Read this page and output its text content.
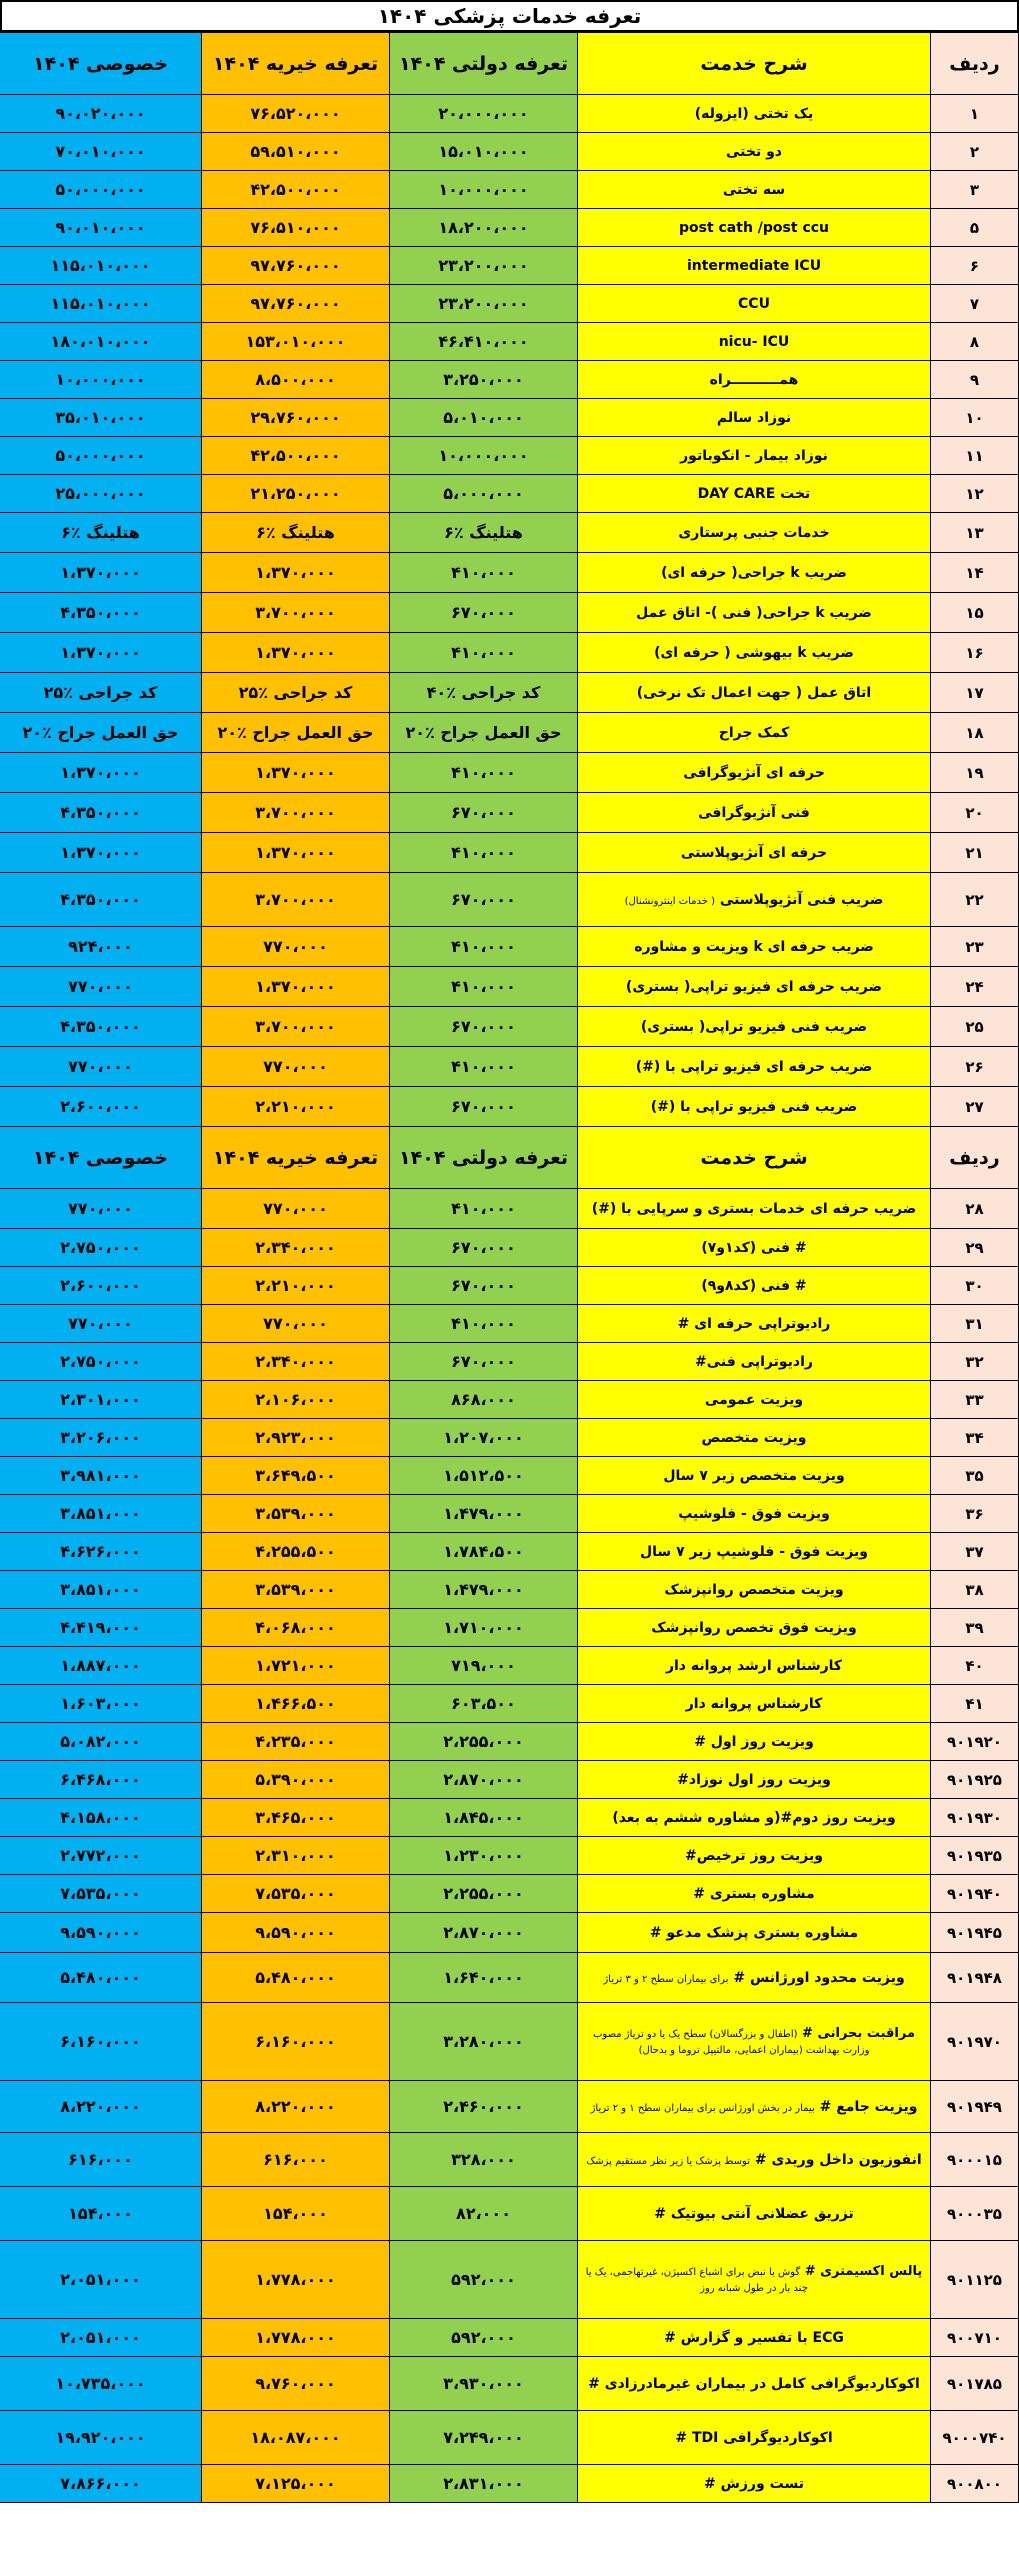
تعرفه خدمات پزشکی ۱۴۰۴
ردیف	شرح خدمت	تعرفه دولتی ۱۴۰۴	تعرفه خیریه ۱۴۰۴	خصوصی ۱۴۰۴
۱	یک تختی (ایزوله)	۲۰،۰۰۰،۰۰۰	۷۶،۵۲۰،۰۰۰	۹۰،۰۲۰،۰۰۰
۲	دو تختی	۱۵،۰۱۰،۰۰۰	۵۹،۵۱۰،۰۰۰	۷۰،۰۱۰،۰۰۰
۳	سه تختی	۱۰،۰۰۰،۰۰۰	۴۲،۵۰۰،۰۰۰	۵۰،۰۰۰،۰۰۰
۵	post cath /post ccu	۱۸،۲۰۰،۰۰۰	۷۶،۵۱۰،۰۰۰	۹۰،۰۱۰،۰۰۰
۶	intermediate ICU	۲۳،۲۰۰،۰۰۰	۹۷،۷۶۰،۰۰۰	۱۱۵،۰۱۰،۰۰۰
۷	CCU	۲۳،۲۰۰،۰۰۰	۹۷،۷۶۰،۰۰۰	۱۱۵،۰۱۰،۰۰۰
۸	nicu- ICU	۴۶،۴۱۰،۰۰۰	۱۵۳،۰۱۰،۰۰۰	۱۸۰،۰۱۰،۰۰۰
۹	همــــــــــراه	۳،۲۵۰،۰۰۰	۸،۵۰۰،۰۰۰	۱۰،۰۰۰،۰۰۰
۱۰	نوزاد سالم	۵،۰۱۰،۰۰۰	۲۹،۷۶۰،۰۰۰	۳۵،۰۱۰،۰۰۰
۱۱	نوزاد بیمار - انکوباتور	۱۰،۰۰۰،۰۰۰	۴۲،۵۰۰،۰۰۰	۵۰،۰۰۰،۰۰۰
۱۲	تخت DAY CARE	۵،۰۰۰،۰۰۰	۲۱،۲۵۰،۰۰۰	۲۵،۰۰۰،۰۰۰
۱۳	خدمات جنبی پرستاری	هتلینگ ٪۶	هتلینگ ٪۶	هتلینگ ٪۶
۱۴	ضریب k جراحی( حرفه ای)	۴۱۰،۰۰۰	۱،۳۷۰،۰۰۰	۱،۳۷۰،۰۰۰
۱۵	ضریب k جراحی( فنی )- اتاق عمل	۶۷۰،۰۰۰	۳،۷۰۰،۰۰۰	۴،۳۵۰،۰۰۰
۱۶	ضریب k بیهوشی ( حرفه ای)	۴۱۰،۰۰۰	۱،۳۷۰،۰۰۰	۱،۳۷۰،۰۰۰
۱۷	اتاق عمل ( جهت اعمال تک نرخی)	کد جراحی ٪۴۰	کد جراحی ٪۲۵	کد جراحی ٪۲۵
۱۸	کمک جراح	حق العمل جراح ٪۲۰	حق العمل جراح ٪۲۰	حق العمل جراح ٪۲۰
۱۹	حرفه ای آنژیوگرافی	۴۱۰،۰۰۰	۱،۳۷۰،۰۰۰	۱،۳۷۰،۰۰۰
۲۰	فنی آنژیوگرافی	۶۷۰،۰۰۰	۳،۷۰۰،۰۰۰	۴،۳۵۰،۰۰۰
۲۱	حرفه ای آنژیوپلاستی	۴۱۰،۰۰۰	۱،۳۷۰،۰۰۰	۱،۳۷۰،۰۰۰
۲۲	ضریب فنی آنژیوپلاستی ( خدمات اینترونشنال)	۶۷۰،۰۰۰	۳،۷۰۰،۰۰۰	۴،۳۵۰،۰۰۰
۲۳	ضریب حرفه ای k ویزیت و مشاوره	۴۱۰،۰۰۰	۷۷۰،۰۰۰	۹۲۴،۰۰۰
۲۴	ضریب حرفه ای فیزیو تراپی( بستری)	۴۱۰،۰۰۰	۱،۳۷۰،۰۰۰	۷۷۰،۰۰۰
۲۵	ضریب فنی فیزیو تراپی( بستری)	۶۷۰،۰۰۰	۳،۷۰۰،۰۰۰	۴،۳۵۰،۰۰۰
۲۶	ضریب حرفه ای فیزیو تراپی با (#)	۴۱۰،۰۰۰	۷۷۰،۰۰۰	۷۷۰،۰۰۰
۲۷	ضریب فنی فیزیو تراپی با (#)	۶۷۰،۰۰۰	۲،۲۱۰،۰۰۰	۲،۶۰۰،۰۰۰
ردیف	شرح خدمت	تعرفه دولتی ۱۴۰۴	تعرفه خیریه ۱۴۰۴	خصوصی ۱۴۰۴
۲۸	ضریب حرفه ای خدمات بستری و سرپایی با (#)	۴۱۰،۰۰۰	۷۷۰،۰۰۰	۷۷۰،۰۰۰
۲۹	# فنی (کد۱و۷)	۶۷۰،۰۰۰	۲،۳۴۰،۰۰۰	۲،۷۵۰،۰۰۰
۳۰	# فنی (کد۸و۹)	۶۷۰،۰۰۰	۲،۲۱۰،۰۰۰	۲،۶۰۰،۰۰۰
۳۱	رادیوتراپی حرفه ای #	۴۱۰،۰۰۰	۷۷۰،۰۰۰	۷۷۰،۰۰۰
۳۲	رادیوتراپی فنی#	۶۷۰،۰۰۰	۲،۳۴۰،۰۰۰	۲،۷۵۰،۰۰۰
۳۳	ویزیت عمومی	۸۶۸،۰۰۰	۲،۱۰۶،۰۰۰	۲،۳۰۱،۰۰۰
۳۴	ویزیت متخصص	۱،۲۰۷،۰۰۰	۲،۹۲۳،۰۰۰	۳،۲۰۶،۰۰۰
۳۵	ویزیت متخصص زیر ۷ سال	۱،۵۱۲،۵۰۰	۳،۶۴۹،۵۰۰	۳،۹۸۱،۰۰۰
۳۶	ویزیت فوق - فلوشیپ	۱،۴۷۹،۰۰۰	۳،۵۳۹،۰۰۰	۳،۸۵۱،۰۰۰
۳۷	ویزیت فوق - فلوشیپ زیر ۷ سال	۱،۷۸۴،۵۰۰	۴،۲۵۵،۵۰۰	۴،۶۲۶،۰۰۰
۳۸	ویزیت متخصص روانپزشک	۱،۴۷۹،۰۰۰	۳،۵۳۹،۰۰۰	۳،۸۵۱،۰۰۰
۳۹	ویزیت فوق تخصص روانپزشک	۱،۷۱۰،۰۰۰	۴،۰۶۸،۰۰۰	۴،۴۱۹،۰۰۰
۴۰	کارشناس ارشد پروانه دار	۷۱۹،۰۰۰	۱،۷۲۱،۰۰۰	۱،۸۸۷،۰۰۰
۴۱	کارشناس پروانه دار	۶۰۳،۵۰۰	۱،۴۶۶،۵۰۰	۱،۶۰۳،۰۰۰
۹۰۱۹۲۰	ویزیت روز اول #	۲،۲۵۵،۰۰۰	۴،۲۳۵،۰۰۰	۵،۰۸۲،۰۰۰
۹۰۱۹۲۵	ویزیت روز اول نوزاد#	۲،۸۷۰،۰۰۰	۵،۳۹۰،۰۰۰	۶،۴۶۸،۰۰۰
۹۰۱۹۳۰	ویزیت روز دوم#(و مشاوره ششم به بعد)	۱،۸۴۵،۰۰۰	۳،۴۶۵،۰۰۰	۴،۱۵۸،۰۰۰
۹۰۱۹۳۵	ویزیت روز ترخیص#	۱،۲۳۰،۰۰۰	۲،۳۱۰،۰۰۰	۲،۷۷۲،۰۰۰
۹۰۱۹۴۰	مشاوره بستری #	۲،۲۵۵،۰۰۰	۷،۵۳۵،۰۰۰	۷،۵۳۵،۰۰۰
۹۰۱۹۴۵	مشاوره بستری پزشک مدعو #	۲،۸۷۰،۰۰۰	۹،۵۹۰،۰۰۰	۹،۵۹۰،۰۰۰
۹۰۱۹۴۸	ویزیت محدود اورژانس # برای بیماران سطح ۲ و ۳ تریاژ	۱،۶۴۰،۰۰۰	۵،۴۸۰،۰۰۰	۵،۴۸۰،۰۰۰
۹۰۱۹۷۰	مراقبت بحرانی # (اطفال و بزرگسالان) سطح یک یا دو تریاژ مصوب وزارت بهداشت (بیماران اعمایی، مالتیپل تروما و بدحال)	۳،۲۸۰،۰۰۰	۶،۱۶۰،۰۰۰	۶،۱۶۰،۰۰۰
۹۰۱۹۴۹	ویزیت جامع # بیمار در بخش اورژانس برای بیماران سطح ۱ و ۲ تریاژ	۲،۴۶۰،۰۰۰	۸،۲۲۰،۰۰۰	۸،۲۲۰،۰۰۰
۹۰۰۰۱۵	انفوزیون داخل وریدی # توسط پزشک یا زیر نظر مستقیم پزشک	۳۲۸،۰۰۰	۶۱۶،۰۰۰	۶۱۶،۰۰۰
۹۰۰۰۳۵	تزریق عضلانی آنتی بیوتیک #	۸۲،۰۰۰	۱۵۴،۰۰۰	۱۵۴،۰۰۰
۹۰۱۱۲۵	پالس اکسیمتری # گوش یا نبض برای اشباع اکسیژن، غیرتهاجمی، یک یا چند بار در طول شبانه روز	۵۹۲،۰۰۰	۱،۷۷۸،۰۰۰	۲،۰۵۱،۰۰۰
۹۰۰۷۱۰	ECG با تفسیر و گزارش #	۵۹۲،۰۰۰	۱،۷۷۸،۰۰۰	۲،۰۵۱،۰۰۰
۹۰۱۷۸۵	اکوکاردیوگرافی کامل در بیماران غیرمادرزادی #	۳،۹۳۰،۰۰۰	۹،۷۶۰،۰۰۰	۱۰،۷۳۵،۰۰۰
۹۰۰۰۷۴۰	اکوکاردیوگرافی TDI #	۷،۲۴۹،۰۰۰	۱۸،۰۸۷،۰۰۰	۱۹،۹۲۰،۰۰۰
۹۰۰۸۰۰	تست ورزش #	۲،۸۳۱،۰۰۰	۷،۱۲۵،۰۰۰	۷،۸۶۶،۰۰۰
